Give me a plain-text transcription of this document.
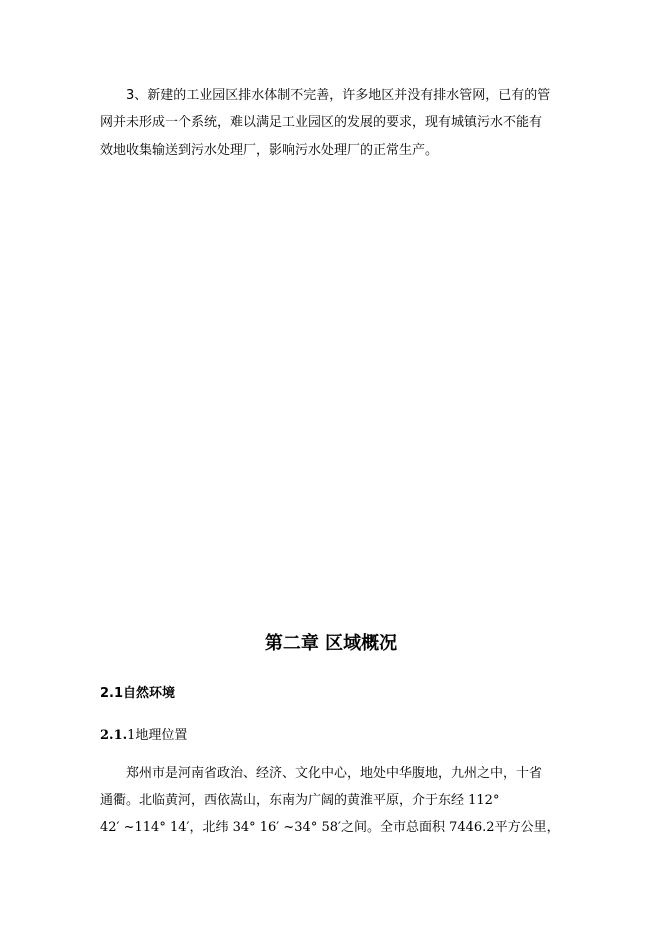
3、新建的工业园区排水体制不完善，许多地区并没有排水管网，已有的管
网并未形成一个系统，难以满足工业园区的发展的要求，现有城镇污水不能有
效地收集输送到污水处理厂，影响污水处理厂的正常生产。
第二章 区域概况
2.1自然环境
2.1.1地理位置
郑州市是河南省政治、经济、文化中心，地处中华腹地，九州之中，十省
通衢。北临黄河，西依嵩山，东南为广阔的黄淮平原，介于东经 112°
42′ ~114° 14′，北纬 34° 16′ ~34° 58′之间。全市总面积 7446.2平方公里，
